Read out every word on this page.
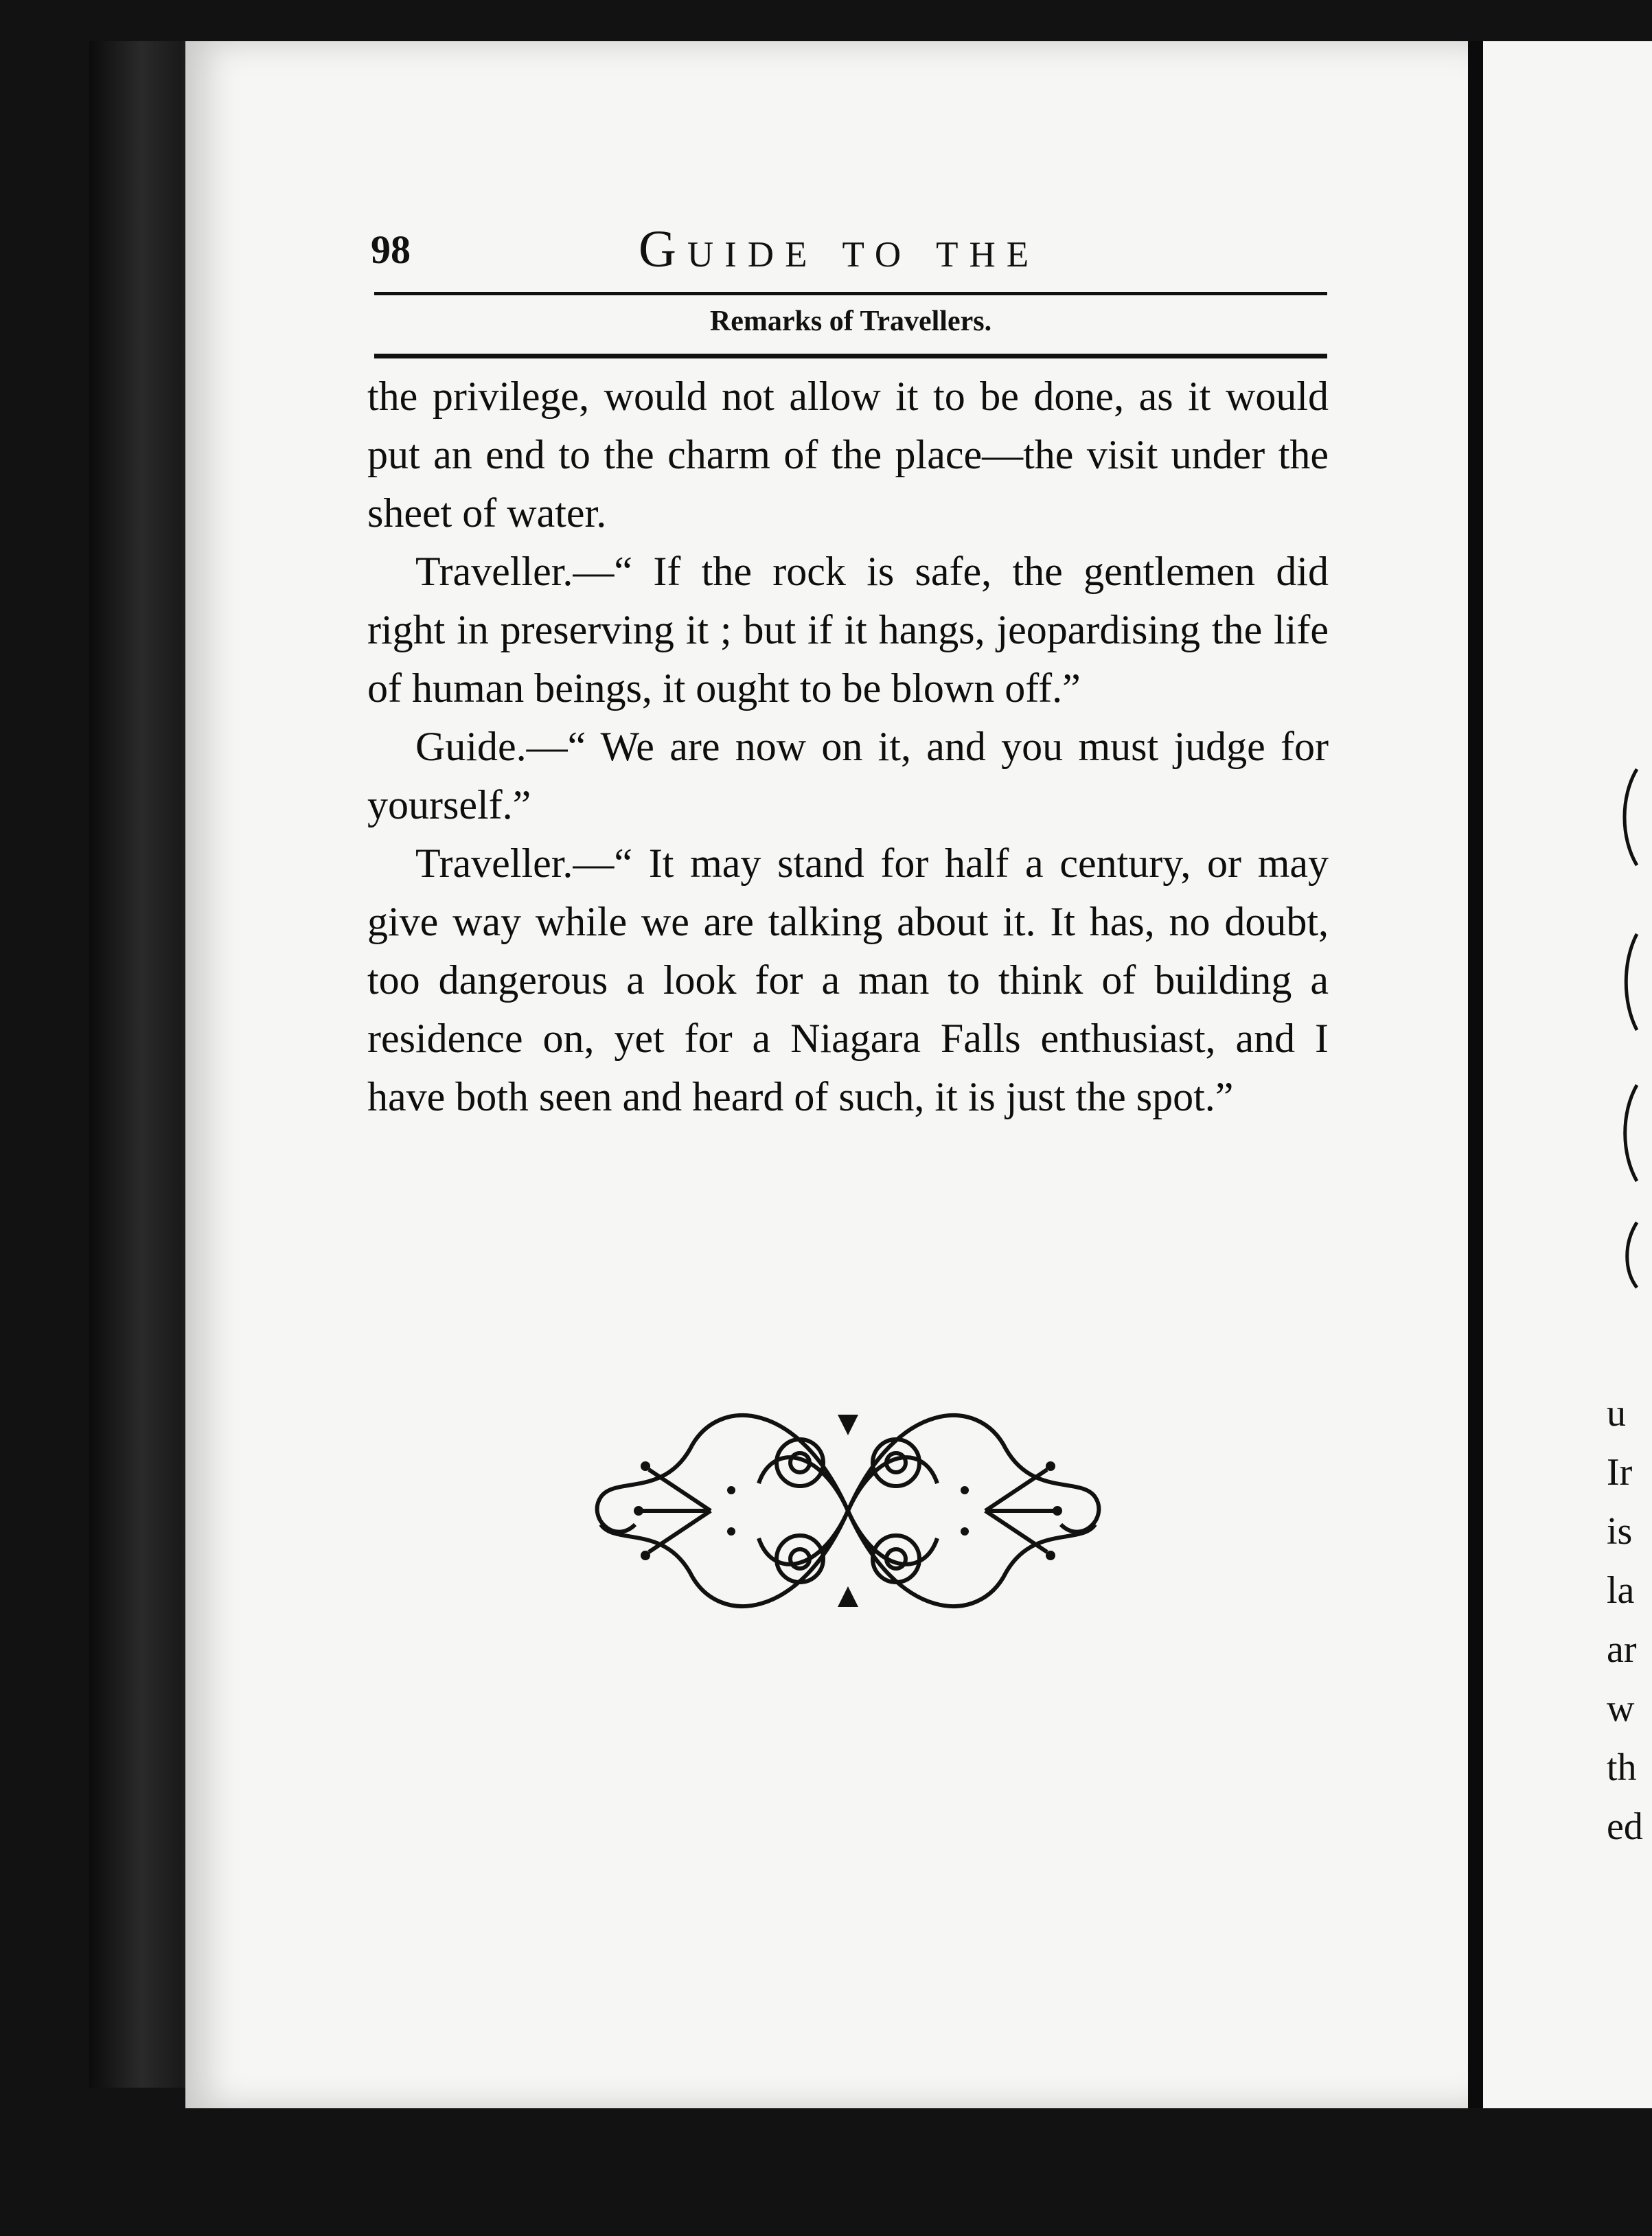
98	Guide to the
Remarks of Travellers.

the privilege, would not allow it to be done, as it would put an end to the charm of the place—the visit under the sheet of water.

Traveller.—“ If the rock is safe, the gentlemen did right in preserving it ; but if it hangs, jeopardising the life of human beings, it ought to be blown off.”

Guide.—“ We are now on it, and you must judge for yourself.”

Traveller.—“ It may stand for half a century, or may give way while we are talking about it. It has, no doubt, too dangerous a look for a man to think of building a residence on, yet for a Niagara Falls enthusiast, and I have both seen and heard of such, it is just the spot.”

u
Ir
is
la
ar
w
th
ed
